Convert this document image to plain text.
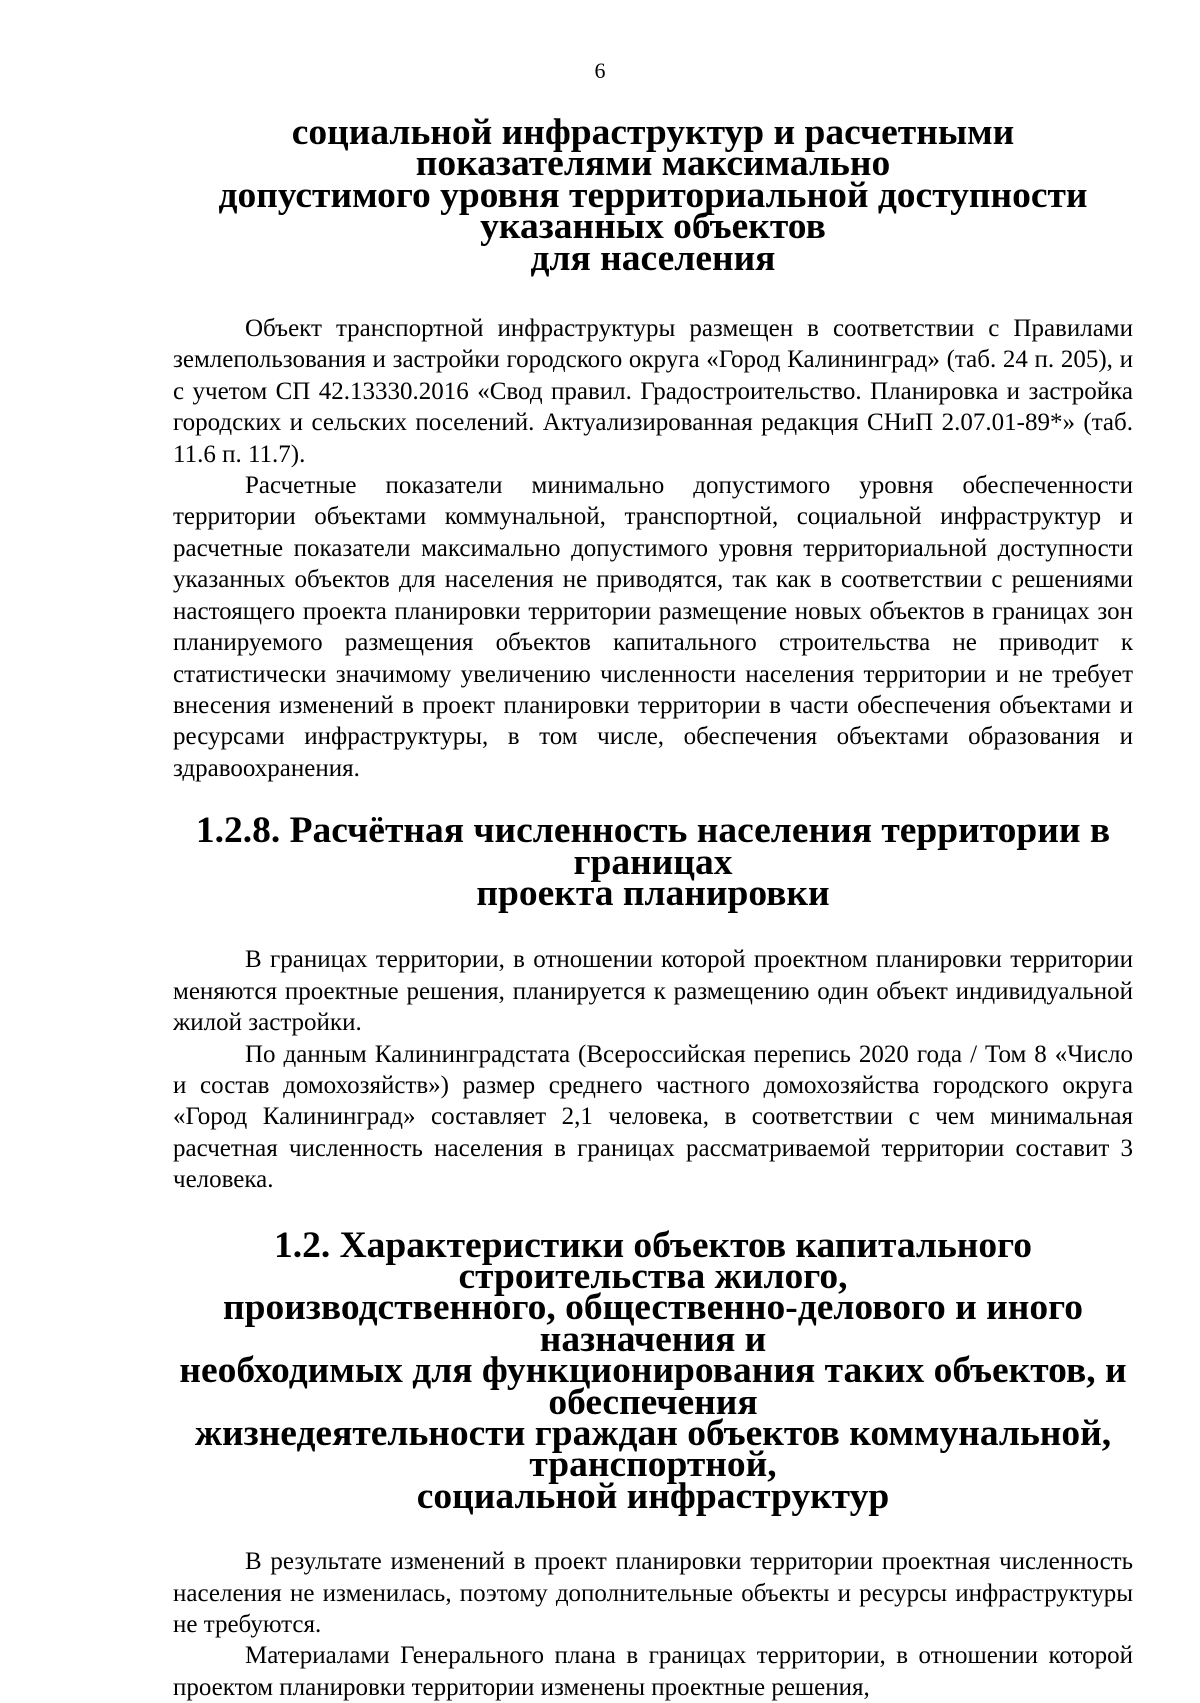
6
социальной инфраструктур и расчетными показателями максимально
допустимого уровня территориальной доступности указанных объектов
для населения

Объект транспортной инфраструктуры размещен в соответствии с Правилами землепользования и застройки городского округа «Город Калининград» (таб. 24 п. 205), и с учетом СП 42.13330.2016 «Свод правил. Градостроительство. Планировка и застройка городских и сельских поселений. Актуализированная редакция СНиП 2.07.01-89*» (таб. 11.6 п. 11.7).

Расчетные показатели минимально допустимого уровня обеспеченности территории объектами коммунальной, транспортной, социальной инфраструктур и расчетные показатели максимально допустимого уровня территориальной доступности указанных объектов для населения не приводятся, так как в соответствии с решениями настоящего проекта планировки территории размещение новых объектов в границах зон планируемого размещения объектов капитального строительства не приводит к статистически значимому увеличению численности населения территории и не требует внесения изменений в проект планировки территории в части обеспечения объектами и ресурсами инфраструктуры, в том числе, обеспечения объектами образования и здравоохранения.

1.2.8. Расчётная численность населения территории в границах
проекта планировки

В границах территории, в отношении которой проектном планировки территории меняются проектные решения, планируется к размещению один объект индивидуальной жилой застройки.

По данным Калининградстата (Всероссийская перепись 2020 года / Том 8 «Число и состав домохозяйств») размер среднего частного домохозяйства городского округа «Город Калининград» составляет 2,1 человека, в соответствии с чем минимальная расчетная численность населения в границах рассматриваемой территории составит 3 человека.

1.2. Характеристики объектов капитального строительства жилого,
производственного, общественно-делового и иного назначения и
необходимых для функционирования таких объектов, и обеспечения
жизнедеятельности граждан объектов коммунальной, транспортной,
социальной инфраструктур

В результате изменений в проект планировки территории проектная численность населения не изменилась, поэтому дополнительные объекты и ресурсы инфраструктуры не требуются.

Материалами Генерального плана в границах территории, в отношении которой проектом планировки территории изменены проектные решения,
